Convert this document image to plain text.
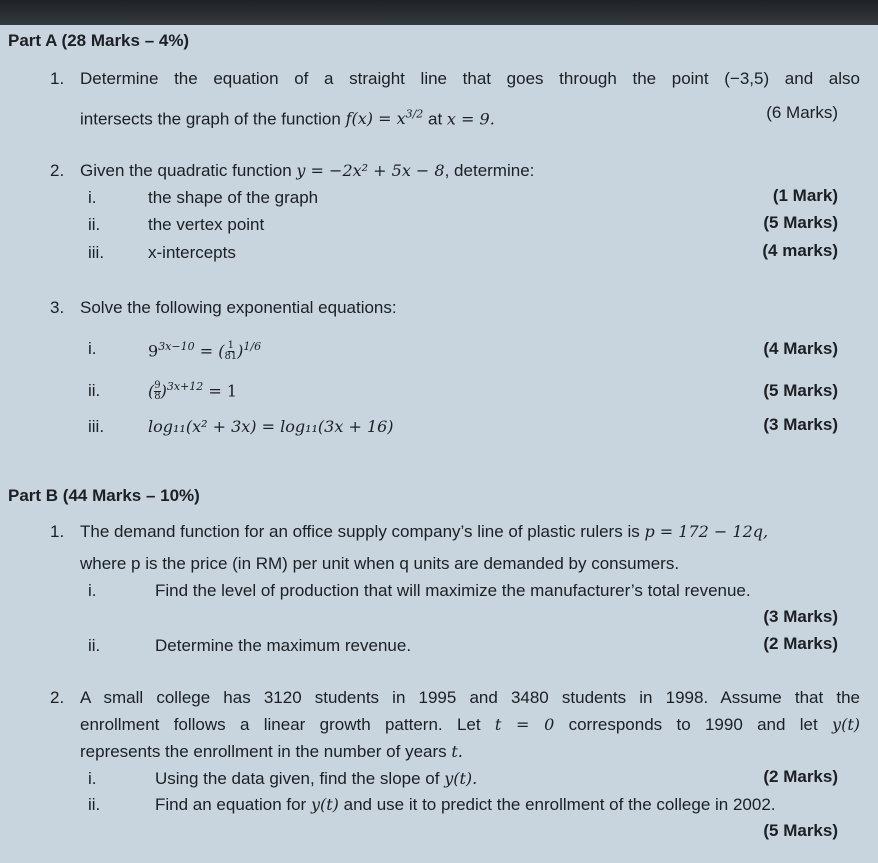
Part A (28 Marks – 4%)
1. Determine the equation of a straight line that goes through the point (−3,5) and also
intersects the graph of the function $f(x) = x^{3/2}$ at x = 9.	(6 Marks)
2. Given the quadratic function y = −2x² + 5x − 8, determine:
i.	the shape of the graph	(1 Mark)
ii.	the vertex point	(5 Marks)
iii.	x-intercepts	(4 marks)
3. Solve the following exponential equations:
i.	$9^{3x-10}$ = ( $\frac{1}{81} )^{1/6}$	(4 Marks)
ii.	( $\frac{9}{8} )^{3x+12} = 1$	(5 Marks)
iii.	log₁₁(x² + 3x) = log₁₁(3x + 16)	(3 Marks)
Part B (44 Marks – 10%)
1. The demand function for an office supply company’s line of plastic rulers is p = 172 − 12q,
where p is the price (in RM) per unit when q units are demanded by consumers.
i.	Find the level of production that will maximize the manufacturer’s total revenue.
(3 Marks)
ii.	Determine the maximum revenue.	(2 Marks)
2. A small college has 3120 students in 1995 and 3480 students in 1998. Assume that the
enrollment follows a linear growth pattern. Let t = 0 corresponds to 1990 and let y(t)
represents the enrollment in the number of years t.
i.	Using the data given, find the slope of y(t).	(2 Marks)
ii.	Find an equation for y(t) and use it to predict the enrollment of the college in 2002.
(5 Marks)
